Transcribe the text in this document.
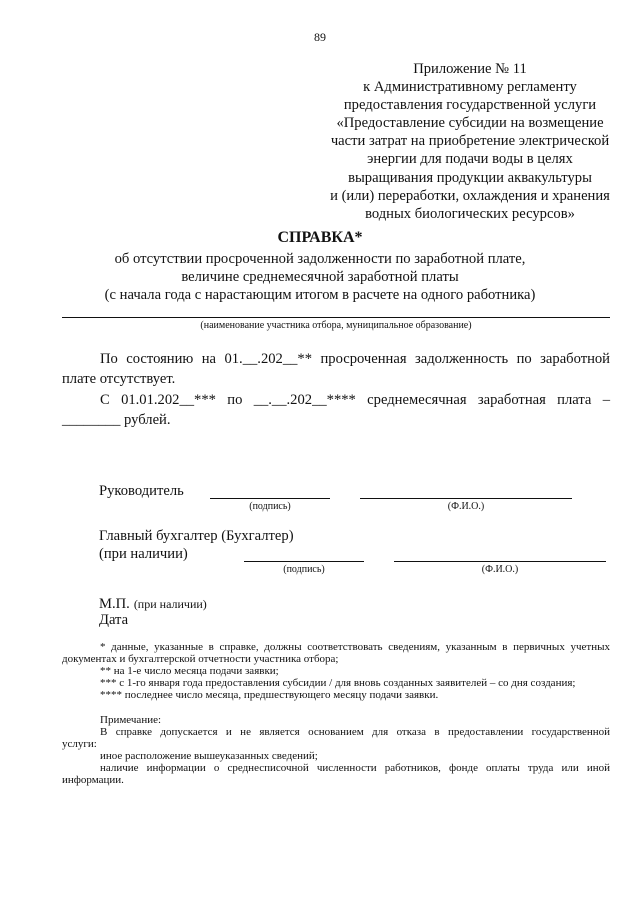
89
Приложение № 11
к Административному регламенту
предоставления государственной услуги
«Предоставление субсидии на возмещение
части затрат на приобретение электрической
энергии для подачи воды в целях
выращивания продукции аквакультуры
и (или) переработки, охлаждения и хранения
водных биологических ресурсов»
СПРАВКА*
об отсутствии просроченной задолженности по заработной плате,
величине среднемесячной заработной платы
(с начала года с нарастающим итогом в расчете на одного работника)
(наименование участника отбора, муниципальное образование)
По состоянию на 01.__.202__** просроченная задолженность по заработной
плате отсутствует.
С 01.01.202__*** по __.__.202__**** среднемесячная заработная плата –
________ рублей.
Руководитель
(подпись)	(Ф.И.О.)
Главный бухгалтер (Бухгалтер)
(при наличии)
(подпись)	(Ф.И.О.)
М.П. (при наличии)
Дата

* данные, указанные в справке, должны соответствовать сведениям, указанным в первичных учетных

документах и бухгалтерской отчетности участника отбора;

** на 1-е число месяца подачи заявки;

*** с 1-го января года предоставления субсидии / для вновь созданных заявителей – со дня создания;

**** последнее число месяца, предшествующего месяцу подачи заявки.

Примечание:

В справке допускается и не является основанием для отказа в предоставлении государственной

услуги:

иное расположение вышеуказанных сведений;

наличие информации о среднесписочной численности работников, фонде оплаты труда или иной

информации.
